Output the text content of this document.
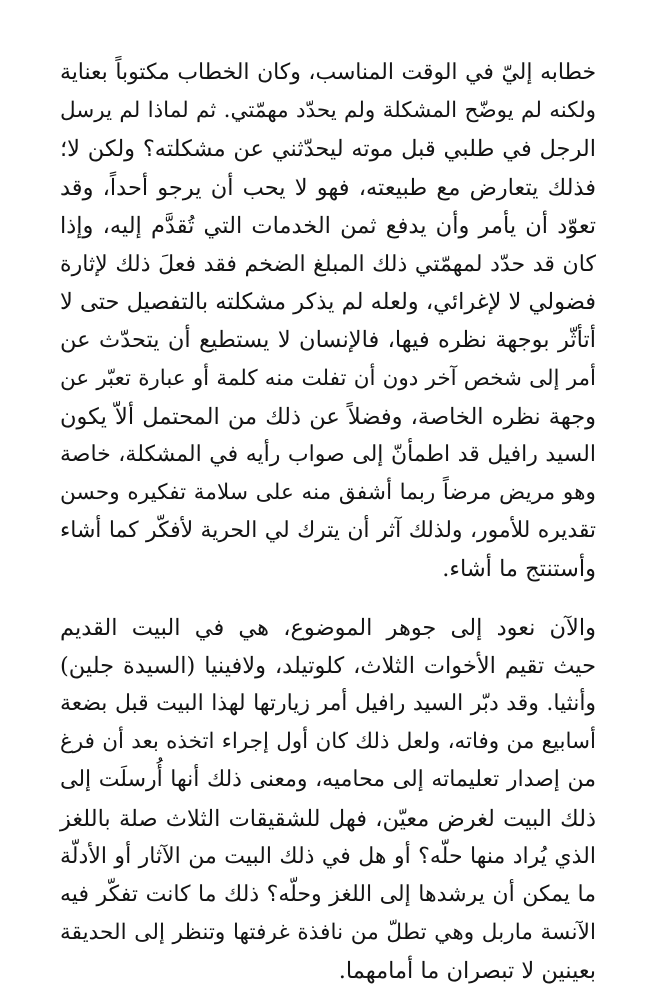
خطابه إليّ في الوقت المناسب، وكان الخطاب مكتوباً بعناية
ولكنه لم يوضّح المشكلة ولم يحدّد مهمّتي. ثم لماذا لم يرسل
الرجل في طلبي قبل موته ليحدّثني عن مشكلته؟ ولكن لا؛
فذلك يتعارض مع طبيعته، فهو لا يحب أن يرجو أحداً، وقد
تعوّد أن يأمر وأن يدفع ثمن الخدمات التي تُقدَّم إليه، وإذا
كان قد حدّد لمهمّتي ذلك المبلغ الضخم فقد فعلَ ذلك لإثارة
فضولي لا لإغرائي، ولعله لم يذكر مشكلته بالتفصيل حتى لا
أتأثّر بوجهة نظره فيها، فالإنسان لا يستطيع أن يتحدّث عن
أمر إلى شخص آخر دون أن تفلت منه كلمة أو عبارة تعبّر عن
وجهة نظره الخاصة، وفضلاً عن ذلك من المحتمل ألاّ يكون
السيد رافيل قد اطمأنّ إلى صواب رأيه في المشكلة، خاصة
وهو مريض مرضاً ربما أشفق منه على سلامة تفكيره وحسن
تقديره للأمور، ولذلك آثر أن يترك لي الحرية لأفكّر كما أشاء
وأستنتج ما أشاء.
والآن نعود إلى جوهر الموضوع، هي في البيت القديم
حيث تقيم الأخوات الثلاث، كلوتيلد، ولافينيا (السيدة جلين)
وأنثيا. وقد دبّر السيد رافيل أمر زيارتها لهذا البيت قبل بضعة
أسابيع من وفاته، ولعل ذلك كان أول إجراء اتخذه بعد أن فرغ
من إصدار تعليماته إلى محاميه، ومعنى ذلك أنها أُرسلَت إلى
ذلك البيت لغرض معيّن، فهل للشقيقات الثلاث صلة باللغز
الذي يُراد منها حلّه؟ أو هل في ذلك البيت من الآثار أو الأدلّة
ما يمكن أن يرشدها إلى اللغز وحلّه؟ ذلك ما كانت تفكّر فيه
الآنسة ماربل وهي تطلّ من نافذة غرفتها وتنظر إلى الحديقة
بعينين لا تبصران ما أمامهما.
